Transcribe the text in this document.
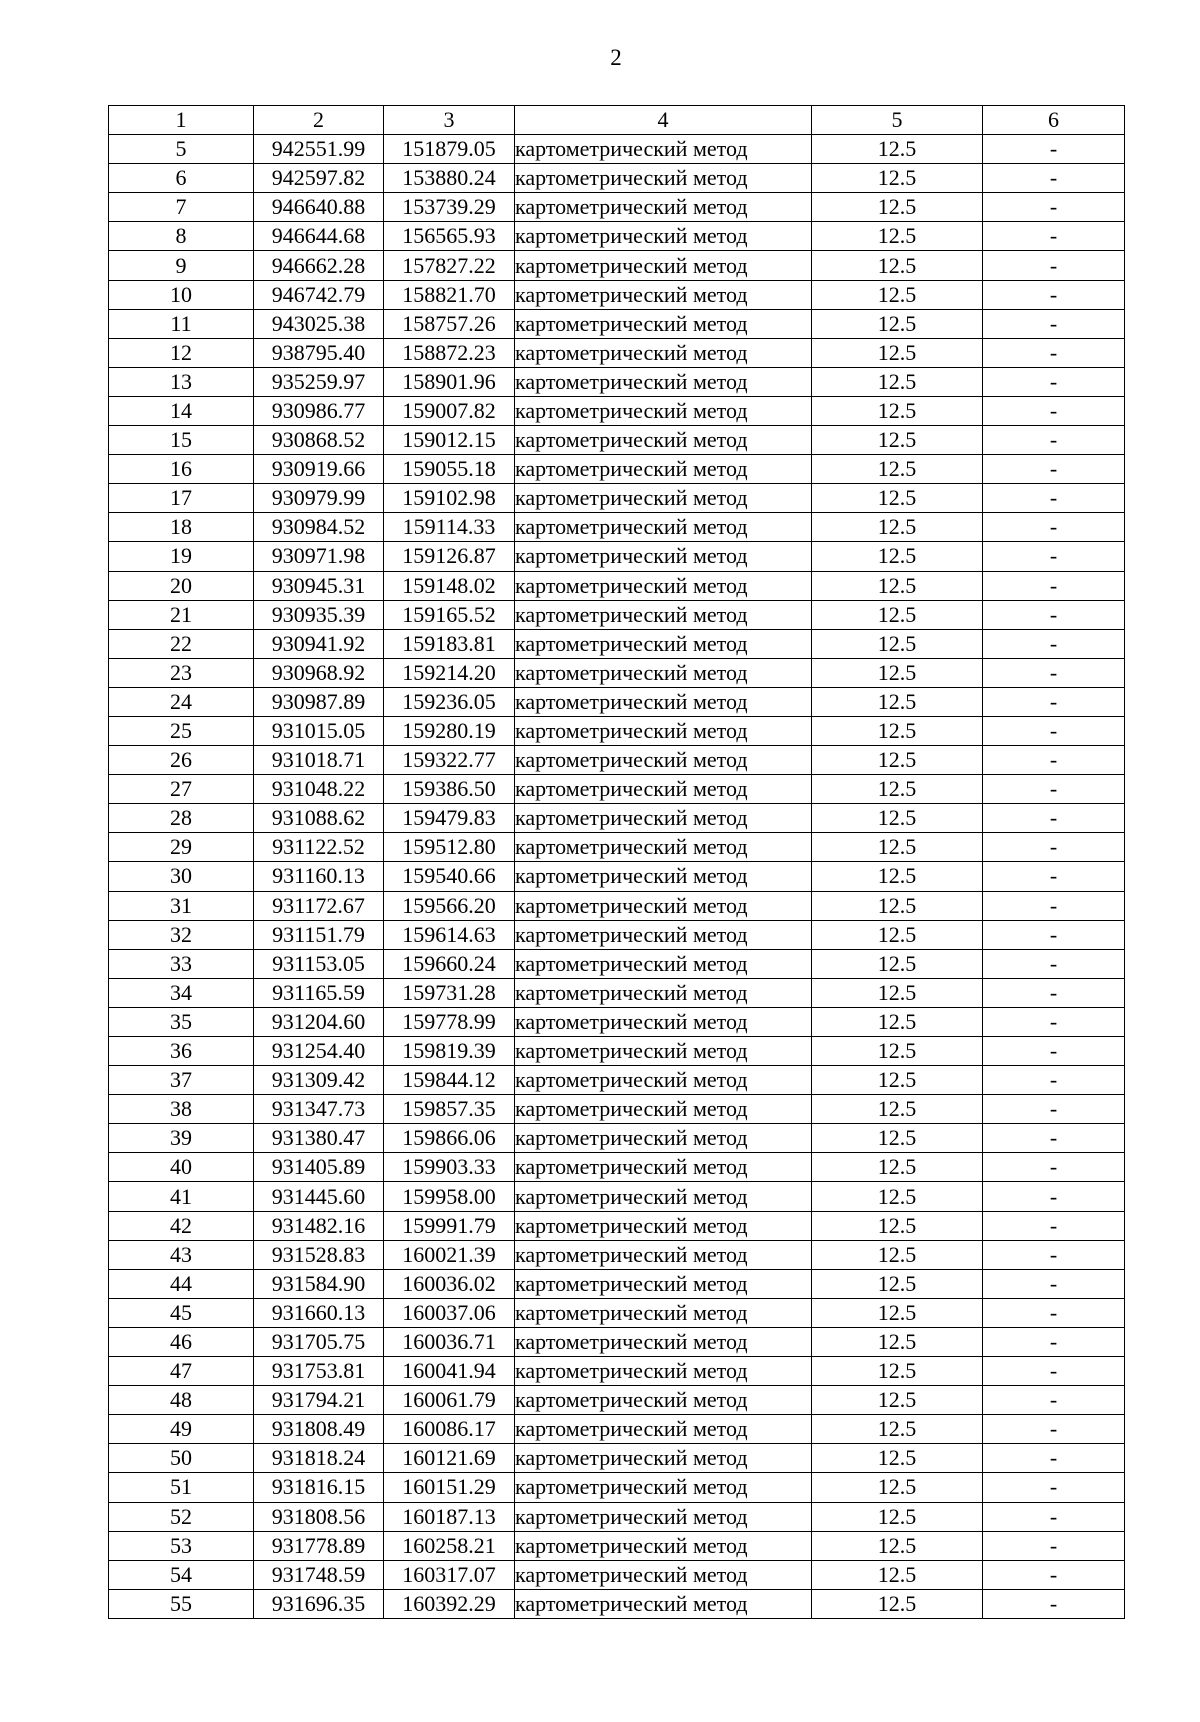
2
1	2	3	4	5	6
5	942551.99	151879.05	картометрический метод	12.5	-
6	942597.82	153880.24	картометрический метод	12.5	-
7	946640.88	153739.29	картометрический метод	12.5	-
8	946644.68	156565.93	картометрический метод	12.5	-
9	946662.28	157827.22	картометрический метод	12.5	-
10	946742.79	158821.70	картометрический метод	12.5	-
11	943025.38	158757.26	картометрический метод	12.5	-
12	938795.40	158872.23	картометрический метод	12.5	-
13	935259.97	158901.96	картометрический метод	12.5	-
14	930986.77	159007.82	картометрический метод	12.5	-
15	930868.52	159012.15	картометрический метод	12.5	-
16	930919.66	159055.18	картометрический метод	12.5	-
17	930979.99	159102.98	картометрический метод	12.5	-
18	930984.52	159114.33	картометрический метод	12.5	-
19	930971.98	159126.87	картометрический метод	12.5	-
20	930945.31	159148.02	картометрический метод	12.5	-
21	930935.39	159165.52	картометрический метод	12.5	-
22	930941.92	159183.81	картометрический метод	12.5	-
23	930968.92	159214.20	картометрический метод	12.5	-
24	930987.89	159236.05	картометрический метод	12.5	-
25	931015.05	159280.19	картометрический метод	12.5	-
26	931018.71	159322.77	картометрический метод	12.5	-
27	931048.22	159386.50	картометрический метод	12.5	-
28	931088.62	159479.83	картометрический метод	12.5	-
29	931122.52	159512.80	картометрический метод	12.5	-
30	931160.13	159540.66	картометрический метод	12.5	-
31	931172.67	159566.20	картометрический метод	12.5	-
32	931151.79	159614.63	картометрический метод	12.5	-
33	931153.05	159660.24	картометрический метод	12.5	-
34	931165.59	159731.28	картометрический метод	12.5	-
35	931204.60	159778.99	картометрический метод	12.5	-
36	931254.40	159819.39	картометрический метод	12.5	-
37	931309.42	159844.12	картометрический метод	12.5	-
38	931347.73	159857.35	картометрический метод	12.5	-
39	931380.47	159866.06	картометрический метод	12.5	-
40	931405.89	159903.33	картометрический метод	12.5	-
41	931445.60	159958.00	картометрический метод	12.5	-
42	931482.16	159991.79	картометрический метод	12.5	-
43	931528.83	160021.39	картометрический метод	12.5	-
44	931584.90	160036.02	картометрический метод	12.5	-
45	931660.13	160037.06	картометрический метод	12.5	-
46	931705.75	160036.71	картометрический метод	12.5	-
47	931753.81	160041.94	картометрический метод	12.5	-
48	931794.21	160061.79	картометрический метод	12.5	-
49	931808.49	160086.17	картометрический метод	12.5	-
50	931818.24	160121.69	картометрический метод	12.5	-
51	931816.15	160151.29	картометрический метод	12.5	-
52	931808.56	160187.13	картометрический метод	12.5	-
53	931778.89	160258.21	картометрический метод	12.5	-
54	931748.59	160317.07	картометрический метод	12.5	-
55	931696.35	160392.29	картометрический метод	12.5	-
